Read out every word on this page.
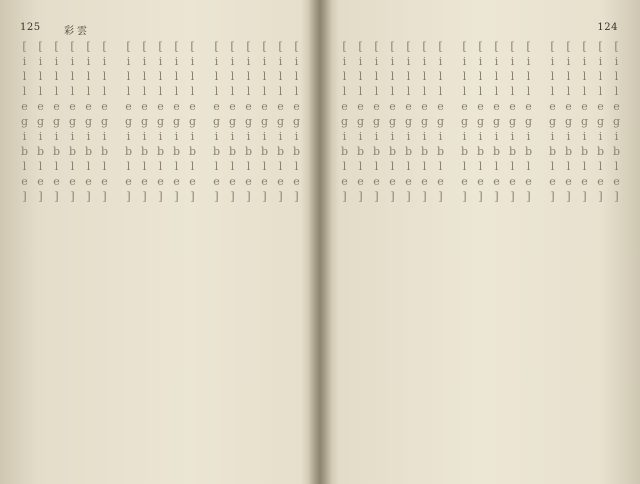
125 彩雲
[illegible]
[illegible]
[illegible]
[illegible]
[illegible]
[illegible]
[illegible]
[illegible]
[illegible]
[illegible]
[illegible]
[illegible]
[illegible]
[illegible]
[illegible]
[illegible]
[illegible]
124
[illegible]
[illegible]
[illegible]
[illegible]
[illegible]
[illegible]
[illegible]
[illegible]
[illegible]
[illegible]
[illegible]
[illegible]
[illegible]
[illegible]
[illegible]
[illegible]
[illegible]
